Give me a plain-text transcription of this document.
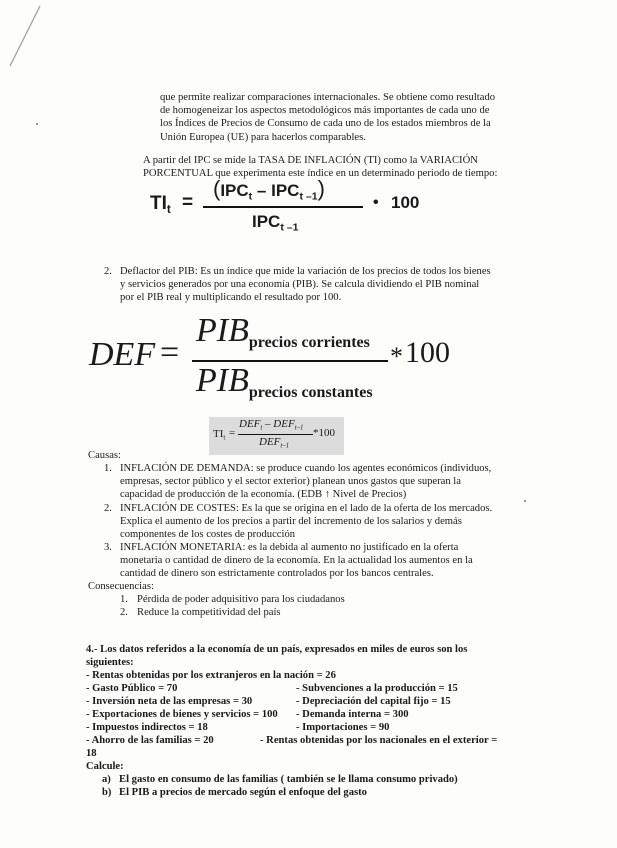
que permite realizar comparaciones internacionales. Se obtiene como resultado
de homogeneizar los aspectos metodológicos más importantes de cada uno de
los Índices de Precios de Consumo de cada uno de los estados miembros de la
Unión Europea (UE) para hacerlos comparables.
A partir del IPC se mide la TASA DE INFLACIÓN (TI) como la VARIACIÓN
PORCENTUAL que experimenta este índice en un determinado periodo de tiempo:
$TI_t$ =
$(IPC_t - IPC_{t -1})$
$IPC_{t -1}$
• 100
2. Deflactor del PIB: Es un índice que mide la variación de los precios de todos los bienes
y servicios generados por una economía (PIB). Se calcula dividiendo el PIB nominal
por el PIB real y multiplicando el resultado por 100.
DEF =
PIBprecios corrientes
PIBprecios constantes
* 100
$TI_t$ =
$DEF_t - DEF_{t-1}$
$DEF_{t-1}$
*100
Causas:
1. INFLACIÓN DE DEMANDA: se produce cuando los agentes económicos (individuos,
empresas, sector público y el sector exterior) planean unos gastos que superan la
capacidad de producción de la economía. (EDB ↑ Nivel de Precios)
2. INFLACIÓN DE COSTES: Es la que se origina en el lado de la oferta de los mercados.
Explica el aumento de los precios a partir del incremento de los salarios y demás
componentes de los costes de producción
3. INFLACIÓN MONETARIA: es la debida al aumento no justificado en la oferta
monetaria o cantidad de dinero de la economía. En la actualidad los aumentos en la
cantidad de dinero son estrictamente controlados por los bancos centrales.
Consecuencias:
1. Pérdida de poder adquisitivo para los ciudadanos
2. Reduce la competitividad del país
4.- Los datos referidos a la economía de un país, expresados en miles de euros son los
siguientes:
- Rentas obtenidas por los extranjeros en la nación = 26
- Gasto Público = 70	- Subvenciones a la producción = 15
- Inversión neta de las empresas = 30	- Depreciación del capital fijo = 15
- Exportaciones de bienes y servicios = 100 - Demanda interna = 300
- Impuestos indirectos = 18	- Importaciones = 90
- Ahorro de las familias = 20	- Rentas obtenidas por los nacionales en el exterior =
18
Calcule:
a) El gasto en consumo de las familias ( también se le llama consumo privado)
b) El PIB a precios de mercado según el enfoque del gasto
